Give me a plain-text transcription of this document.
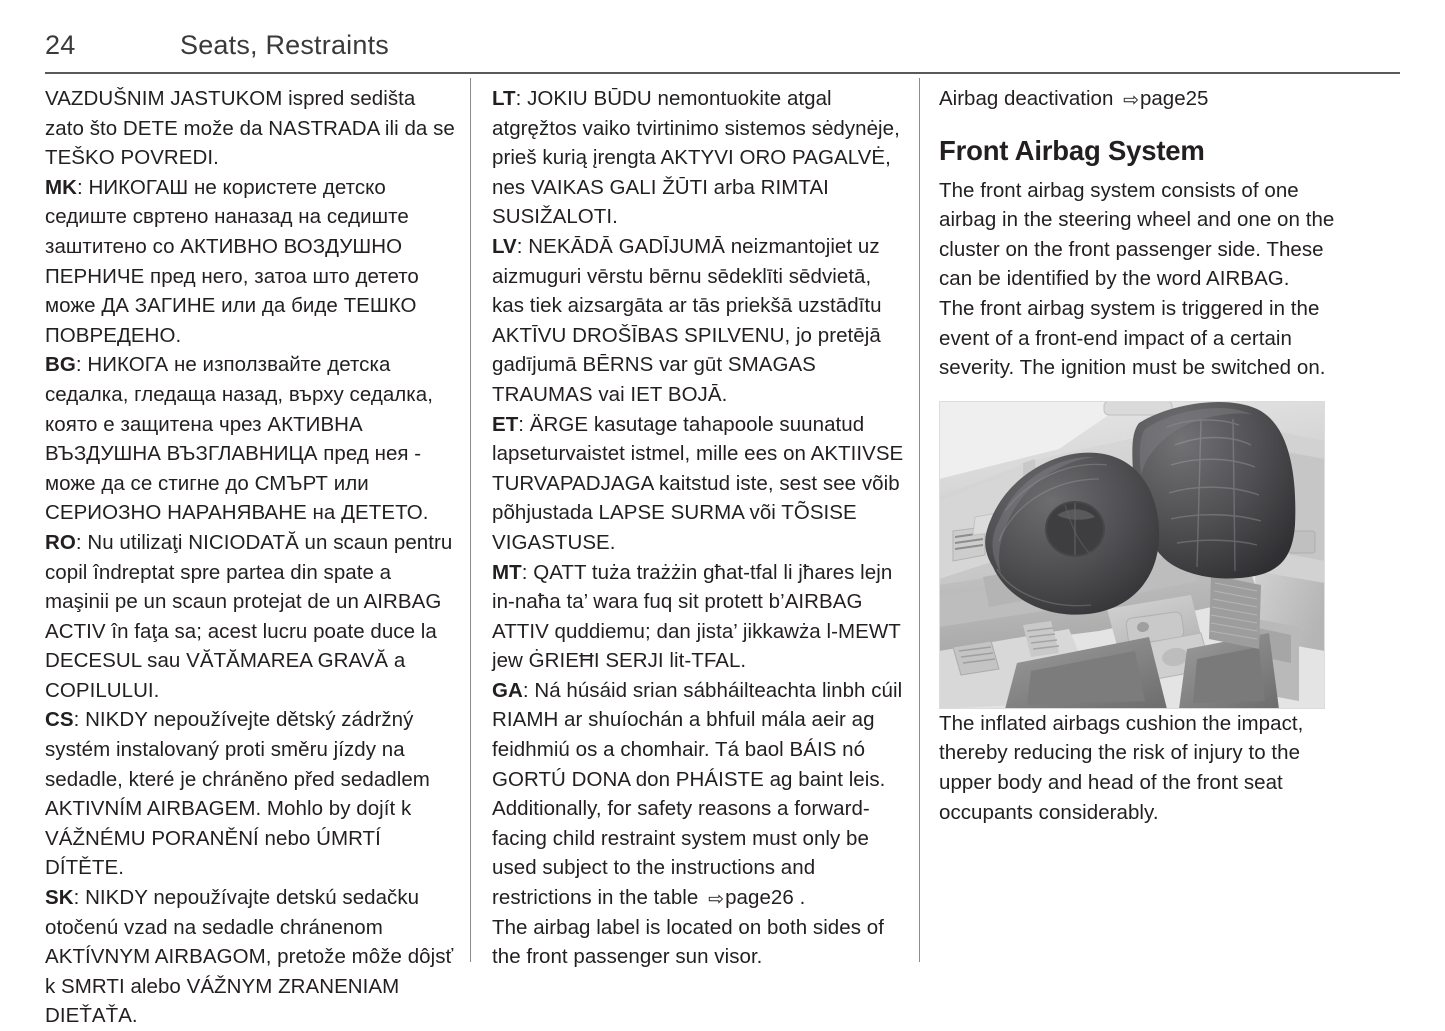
24	Seats, Restraints

VAZDUŠNIM JASTUKOM ispred sedišta zato što DETE može da NASTRADA ili da se TEŠKO POVREDI.

MK: НИКОГАШ не користете детско седиште свртено наназад на седиште заштитено со АКТИВНО ВОЗДУШНО ПЕРНИЧЕ пред него, затоа што детето може ДА ЗАГИНЕ или да биде ТЕШКО ПОВРЕДЕНО.

BG: НИКОГА не използвайте детска седалка, гледаща назад, върху седалка, която е защитена чрез АКТИВНА ВЪЗДУШНА ВЪЗГЛАВНИЦА пред нея - може да се стигне до СМЪРТ или СЕРИОЗНО НАРАНЯВАНЕ на ДЕТЕТО.

RO: Nu utilizaţi NICIODATĂ un scaun pentru copil îndreptat spre partea din spate a maşinii pe un scaun protejat de un AIRBAG ACTIV în faţa sa; acest lucru poate duce la DECESUL sau VĂTĂMAREA GRAVĂ a COPILULUI.

CS: NIKDY nepoužívejte dětský zádržný systém instalovaný proti směru jízdy na sedadle, které je chráněno před sedadlem AKTIVNÍM AIRBAGEM. Mohlo by dojít k VÁŽNÉMU PORANĚNÍ nebo ÚMRTÍ DÍTĚTE.

SK: NIKDY nepoužívajte detskú sedačku otočenú vzad na sedadle chránenom AKTÍVNYM AIRBAGOM, pretože môže dôjsť k SMRTI alebo VÁŽNYM ZRANENIAM DIEŤAŤA.

LT: JOKIU BŪDU nemontuokite atgal atgręžtos vaiko tvirtinimo sistemos sėdynėje, prieš kurią įrengta AKTYVI ORO PAGALVĖ, nes VAIKAS GALI ŽŪTI arba RIMTAI SUSIŽALOTI.

LV: NEKĀDĀ GADĪJUMĀ neizmantojiet uz aizmuguri vērstu bērnu sēdeklīti sēdvietā, kas tiek aizsargāta ar tās priekšā uzstādītu AKTĪVU DROŠĪBAS SPILVENU, jo pretējā gadījumā BĒRNS var gūt SMAGAS TRAUMAS vai IET BOJĀ.

ET: ÄRGE kasutage tahapoole suunatud lapseturvaistet istmel, mille ees on AKTIIVSE TURVAPADJAGA kaitstud iste, sest see võib põhjustada LAPSE SURMA või TÕSISE VIGASTUSE.

MT: QATT tuża trażżin għat-tfal li jħares lejn in-naħa ta’ wara fuq sit protett b’AIRBAG ATTIV quddiemu; dan jista’ jikkawża l-MEWT jew ĠRIEĦI SERJI lit-TFAL.

GA: Ná húsáid srian sábháilteachta linbh cúil RIAMH ar shuíochán a bhfuil mála aeir ag feidhmiú os a chomhair. Tá baol BÁIS nó GORTÚ DONA don PHÁISTE ag baint leis.

Additionally, for safety reasons a forward-facing child restraint system must only be used subject to the instructions and restrictions in the table ⇨page26 .

The airbag label is located on both sides of the front passenger sun visor.

Airbag deactivation ⇨page25

Front Airbag System

The front airbag system consists of one airbag in the steering wheel and one on the cluster on the front passenger side. These can be identified by the word AIRBAG.

The front airbag system is triggered in the event of a front-end impact of a certain severity. The ignition must be switched on.

The inflated airbags cushion the impact, thereby reducing the risk of injury to the upper body and head of the front seat occupants considerably.
